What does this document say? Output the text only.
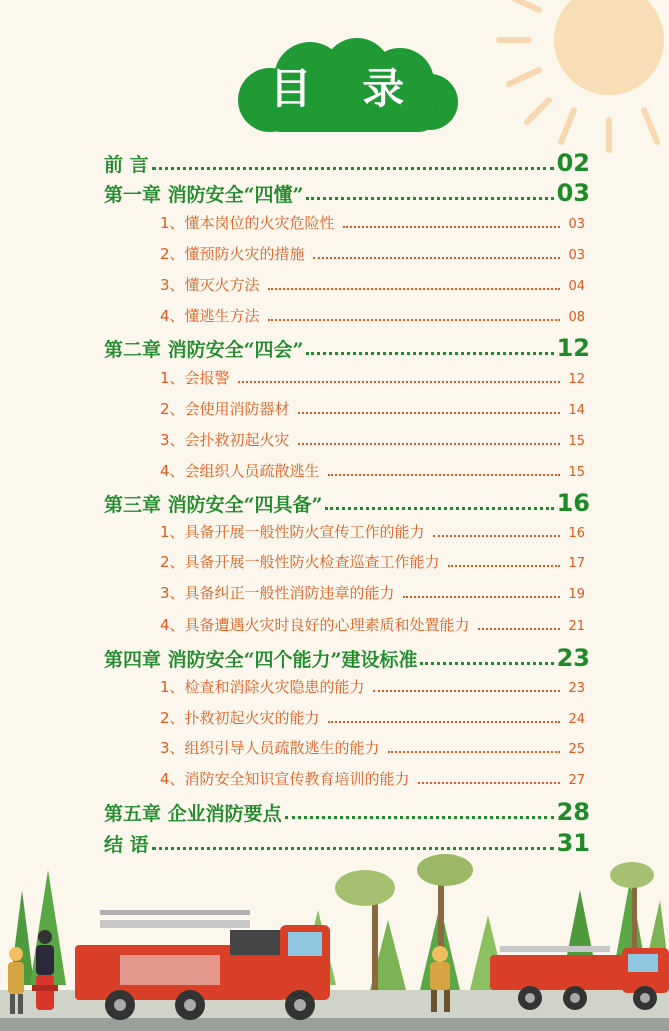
目 录
前 言	02
第一章 消防安全“四懂”	03
1、懂本岗位的火灾危险性	03
2、懂预防火灾的措施	03
3、懂灭火方法	04
4、懂逃生方法	08
第二章 消防安全“四会”	12
1、会报警	12
2、会使用消防器材	14
3、会扑救初起火灾	15
4、会组织人员疏散逃生	15
第三章 消防安全“四具备”	16
1、具备开展一般性防火宣传工作的能力	16
2、具备开展一般性防火检查巡查工作能力	17
3、具备纠正一般性消防违章的能力	19
4、具备遭遇火灾时良好的心理素质和处置能力	21
第四章 消防安全“四个能力”建设标准	23
1、检查和消除火灾隐患的能力	23
2、扑救初起火灾的能力	24
3、组织引导人员疏散逃生的能力	25
4、消防安全知识宣传教育培训的能力	27
第五章 企业消防要点	28
结 语	31
